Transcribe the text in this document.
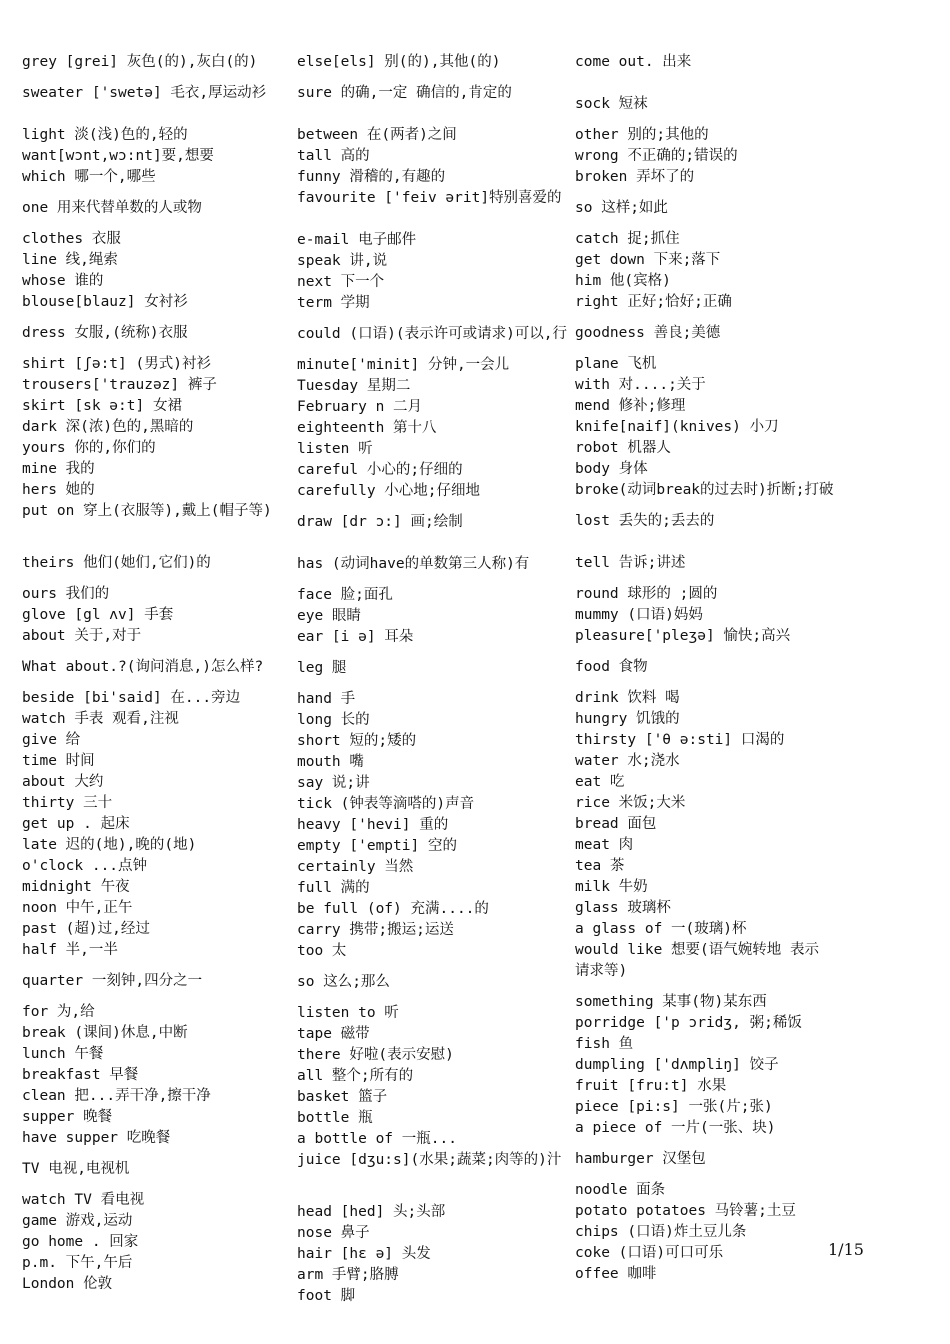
grey [grei] 灰色(的),灰白(的)
sweater ['swetə] 毛衣,厚运动衫
light 淡(浅)色的,轻的
want[wɔnt,wɔ:nt]要,想要
which 哪一个,哪些
one 用来代替单数的人或物
clothes 衣服
line 线,绳索
whose 谁的
blouse[blauz] 女衬衫
dress 女服,(统称)衣服
shirt [ʃə:t] (男式)衬衫
trousers['trauzəz] 裤子
skirt [sk ə:t] 女裙
dark 深(浓)色的,黑暗的
yours 你的,你们的
mine 我的
hers 她的
put on 穿上(衣服等),戴上(帽子等)
theirs 他们(她们,它们)的
ours 我们的
glove [gl ʌv] 手套
about 关于,对于
What about.?(询问消息,)怎么样?
beside [bi'said] 在...旁边
watch 手表 观看,注视
give 给
time 时间
about 大约
thirty 三十
get up . 起床
late 迟的(地),晚的(地)
o'clock ...点钟
midnight 午夜
noon 中午,正午
past (超)过,经过
half 半,一半
quarter 一刻钟,四分之一
for 为,给
break (课间)休息,中断
lunch 午餐
breakfast 早餐
clean 把...弄干净,擦干净
supper 晚餐
have supper 吃晚餐
TV 电视,电视机
watch TV 看电视
game 游戏,运动
go home . 回家
p.m. 下午,午后
London 伦敦
else[els] 别(的),其他(的)
sure 的确,一定 确信的,肯定的
between 在(两者)之间
tall 高的
funny 滑稽的,有趣的
favourite ['feiv ərit]特别喜爱的
e-mail 电子邮件
speak 讲,说
next 下一个
term 学期
could (口语)(表示许可或请求)可以,行
minute['minit] 分钟,一会儿
Tuesday 星期二
February n 二月
eighteenth 第十八
listen 听
careful 小心的;仔细的
carefully 小心地;仔细地
draw [dr ɔ:] 画;绘制
has (动词have的单数第三人称)有
face 脸;面孔
eye 眼睛
ear [i ə] 耳朵
leg 腿
hand 手
long 长的
short 短的;矮的
mouth 嘴
say 说;讲
tick (钟表等滴嗒的)声音
heavy ['hevi] 重的
empty ['empti] 空的
certainly 当然
full 满的
be full (of) 充满....的
carry 携带;搬运;运送
too 太
so 这么;那么
listen to 听
tape 磁带
there 好啦(表示安慰)
all 整个;所有的
basket 篮子
bottle 瓶
a bottle of 一瓶...
juice [dʒu:s](水果;蔬菜;肉等的)汁
head [hed] 头;头部
nose 鼻子
hair [hɛ ə] 头发
arm 手臂;胳膊
foot 脚
come out. 出来
sock 短袜
other 别的;其他的
wrong 不正确的;错误的
broken 弄坏了的
so 这样;如此
catch 捉;抓住
get down 下来;落下
him 他(宾格)
right 正好;恰好;正确
goodness 善良;美德
plane 飞机
with 对....;关于
mend 修补;修理
knife[naif](knives) 小刀
robot 机器人
body 身体
broke(动词break的过去时)折断;打破
lost 丢失的;丢去的
tell 告诉;讲述
round 球形的 ;圆的
mummy (口语)妈妈
pleasure['pleʒə] 愉快;高兴
food 食物
drink 饮料 喝
hungry 饥饿的
thirsty ['θ ə:sti] 口渴的
water 水;浇水
eat 吃
rice 米饭;大米
bread 面包
meat 肉
tea 茶
milk 牛奶
glass 玻璃杯
a glass of 一(玻璃)杯
would like 想要(语气婉转地 表示请求等)
something 某事(物)某东西
porridge ['p ɔridʒ, 粥;稀饭
fish 鱼
dumpling ['dʌmpliŋ] 饺子
fruit [fru:t] 水果
piece [pi:s] 一张(片;张)
a piece of 一片(一张、块)
hamburger 汉堡包
noodle 面条
potato potatoes 马铃薯;土豆
chips (口语)炸土豆儿条
coke (口语)可口可乐
offee 咖啡
1/15
